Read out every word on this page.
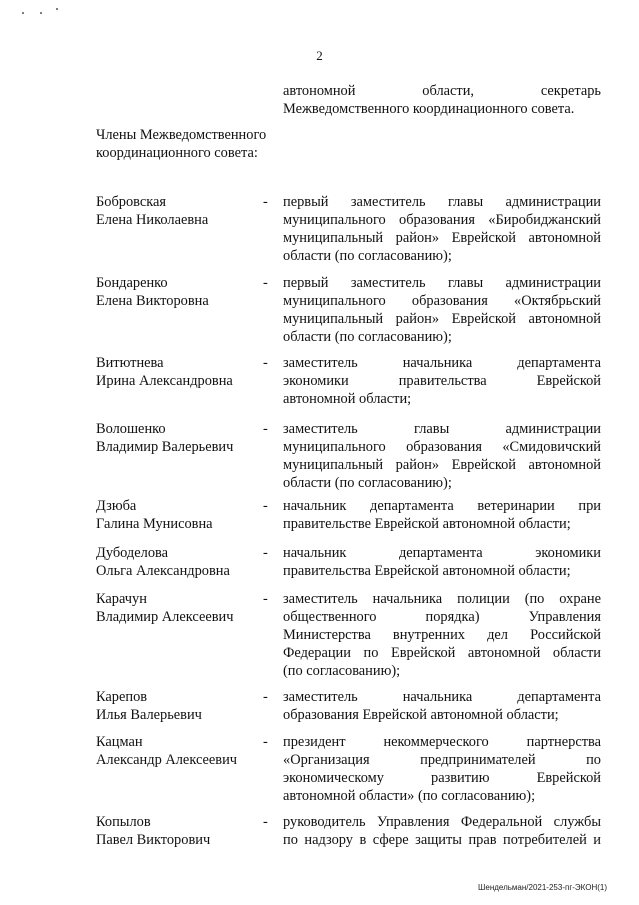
2
автономной области, секретарь
Межведомственного координационного совета.
Члены Межведомственного
координационного совета:
Бобровская
Елена Николаевна
- первый заместитель главы администрации
муниципального образования «Биробиджанский
муниципальный район» Еврейской автономной
области (по согласованию);
Бондаренко
Елена Викторовна
- первый заместитель главы администрации
муниципального образования «Октябрьский
муниципальный район» Еврейской автономной
области (по согласованию);
Витютнева
Ирина Александровна
- заместитель начальника департамента
экономики правительства Еврейской
автономной области;
Волошенко
Владимир Валерьевич
- заместитель главы администрации
муниципального образования «Смидовичский
муниципальный район» Еврейской автономной
области (по согласованию);
Дзюба
Галина Мунисовна
- начальник департамента ветеринарии при
правительстве Еврейской автономной области;
Дубоделова
Ольга Александровна
- начальник департамента экономики
правительства Еврейской автономной области;
Карачун
Владимир Алексеевич
- заместитель начальника полиции (по охране
общественного порядка) Управления
Министерства внутренних дел Российской
Федерации по Еврейской автономной области
(по согласованию);
Карепов
Илья Валерьевич
- заместитель начальника департамента
образования Еврейской автономной области;
Кацман
Александр Алексеевич
- президент некоммерческого партнерства
«Организация предпринимателей по
экономическому развитию Еврейской
автономной области» (по согласованию);
Копылов
Павел Викторович
- руководитель Управления Федеральной службы
по надзору в сфере защиты прав потребителей и
Шендельман/2021-253-пг-ЭКОН(1)
